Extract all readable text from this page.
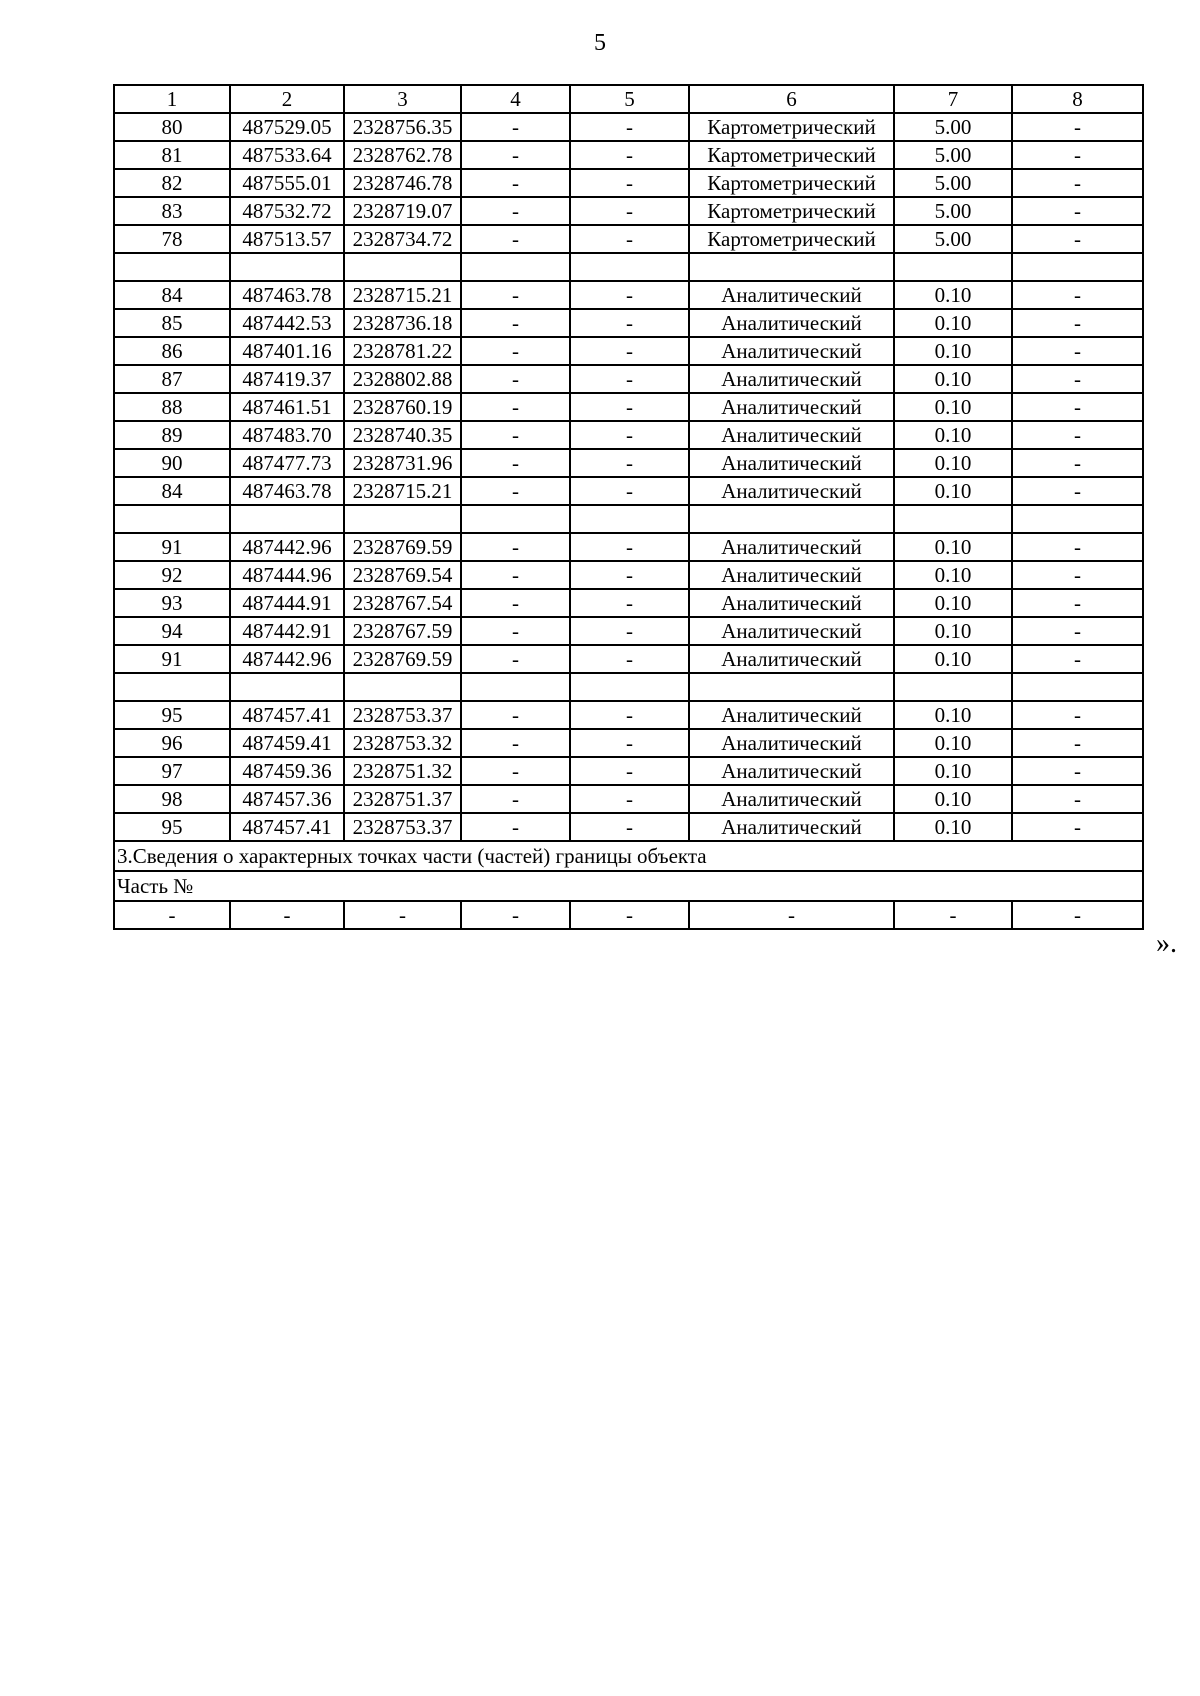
5
1	2	3	4	5	6	7	8
80	487529.05	2328756.35	-	-	Картометрический	5.00	-
81	487533.64	2328762.78	-	-	Картометрический	5.00	-
82	487555.01	2328746.78	-	-	Картометрический	5.00	-
83	487532.72	2328719.07	-	-	Картометрический	5.00	-
78	487513.57	2328734.72	-	-	Картометрический	5.00	-

84	487463.78	2328715.21	-	-	Аналитический	0.10	-
85	487442.53	2328736.18	-	-	Аналитический	0.10	-
86	487401.16	2328781.22	-	-	Аналитический	0.10	-
87	487419.37	2328802.88	-	-	Аналитический	0.10	-
88	487461.51	2328760.19	-	-	Аналитический	0.10	-
89	487483.70	2328740.35	-	-	Аналитический	0.10	-
90	487477.73	2328731.96	-	-	Аналитический	0.10	-
84	487463.78	2328715.21	-	-	Аналитический	0.10	-

91	487442.96	2328769.59	-	-	Аналитический	0.10	-
92	487444.96	2328769.54	-	-	Аналитический	0.10	-
93	487444.91	2328767.54	-	-	Аналитический	0.10	-
94	487442.91	2328767.59	-	-	Аналитический	0.10	-
91	487442.96	2328769.59	-	-	Аналитический	0.10	-

95	487457.41	2328753.37	-	-	Аналитический	0.10	-
96	487459.41	2328753.32	-	-	Аналитический	0.10	-
97	487459.36	2328751.32	-	-	Аналитический	0.10	-
98	487457.36	2328751.37	-	-	Аналитический	0.10	-
95	487457.41	2328753.37	-	-	Аналитический	0.10	-
3.Сведения о характерных точках части (частей) границы объекта							
Часть №							
-	-	-	-	-	-	-	-
».
